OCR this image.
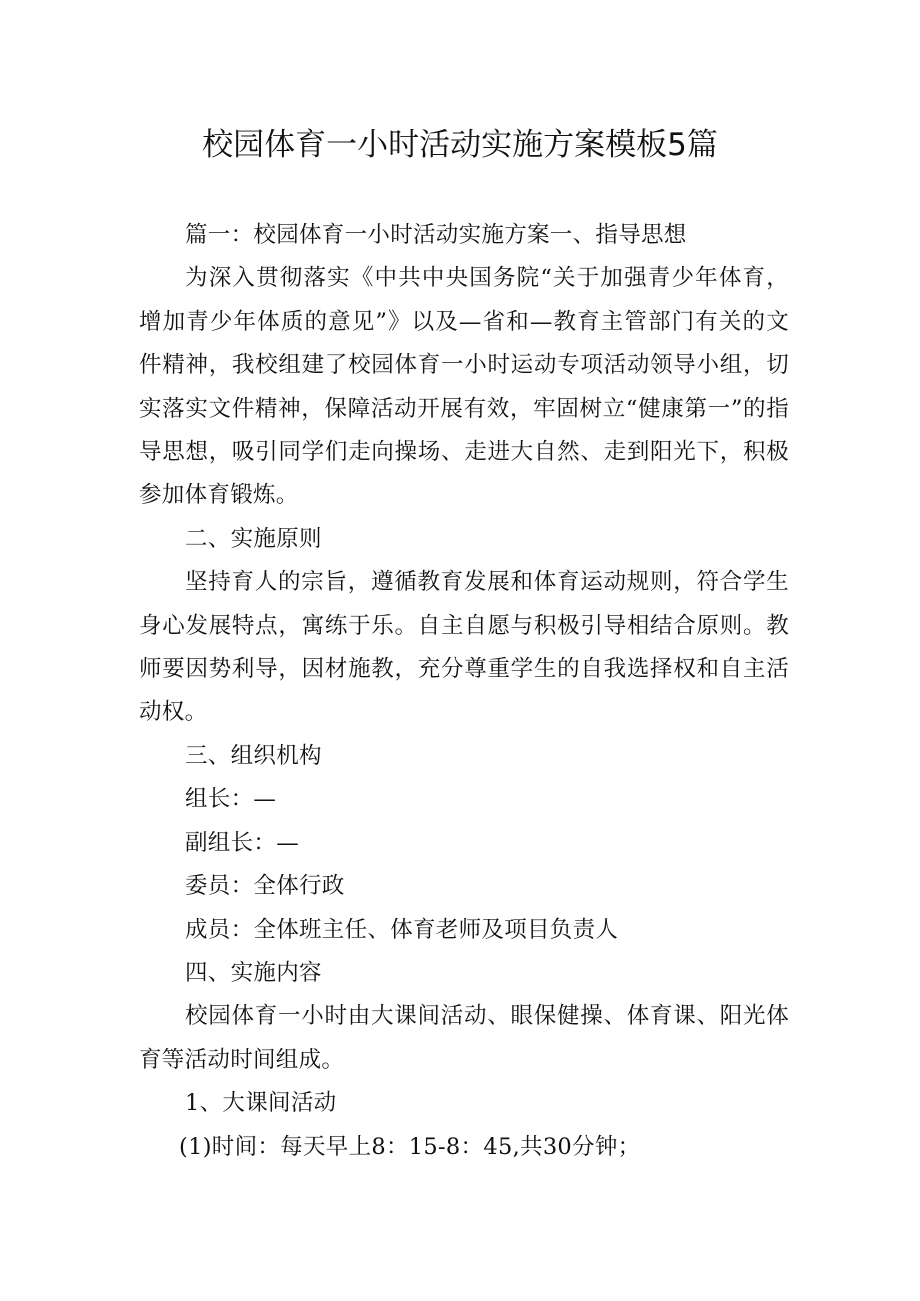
校园体育一小时活动实施方案模板5篇

篇一：校园体育一小时活动实施方案一、指导思想

为深入贯彻落实《中共中央国务院“关于加强青少年体育，增加青少年体质的意见”》以及—省和—教育主管部门有关的文件精神，我校组建了校园体育一小时运动专项活动领导小组，切实落实文件精神，保障活动开展有效，牢固树立“健康第一”的指导思想，吸引同学们走向操场、走进大自然、走到阳光下，积极参加体育锻炼。

二、实施原则

坚持育人的宗旨，遵循教育发展和体育运动规则，符合学生身心发展特点，寓练于乐。自主自愿与积极引导相结合原则。教师要因势利导，因材施教，充分尊重学生的自我选择权和自主活动权。

三、组织机构

组长：—

副组长：—

委员：全体行政

成员：全体班主任、体育老师及项目负责人

四、实施内容

校园体育一小时由大课间活动、眼保健操、体育课、阳光体育等活动时间组成。

1、大课间活动

(1)时间：每天早上8：15-8：45,共30分钟；
